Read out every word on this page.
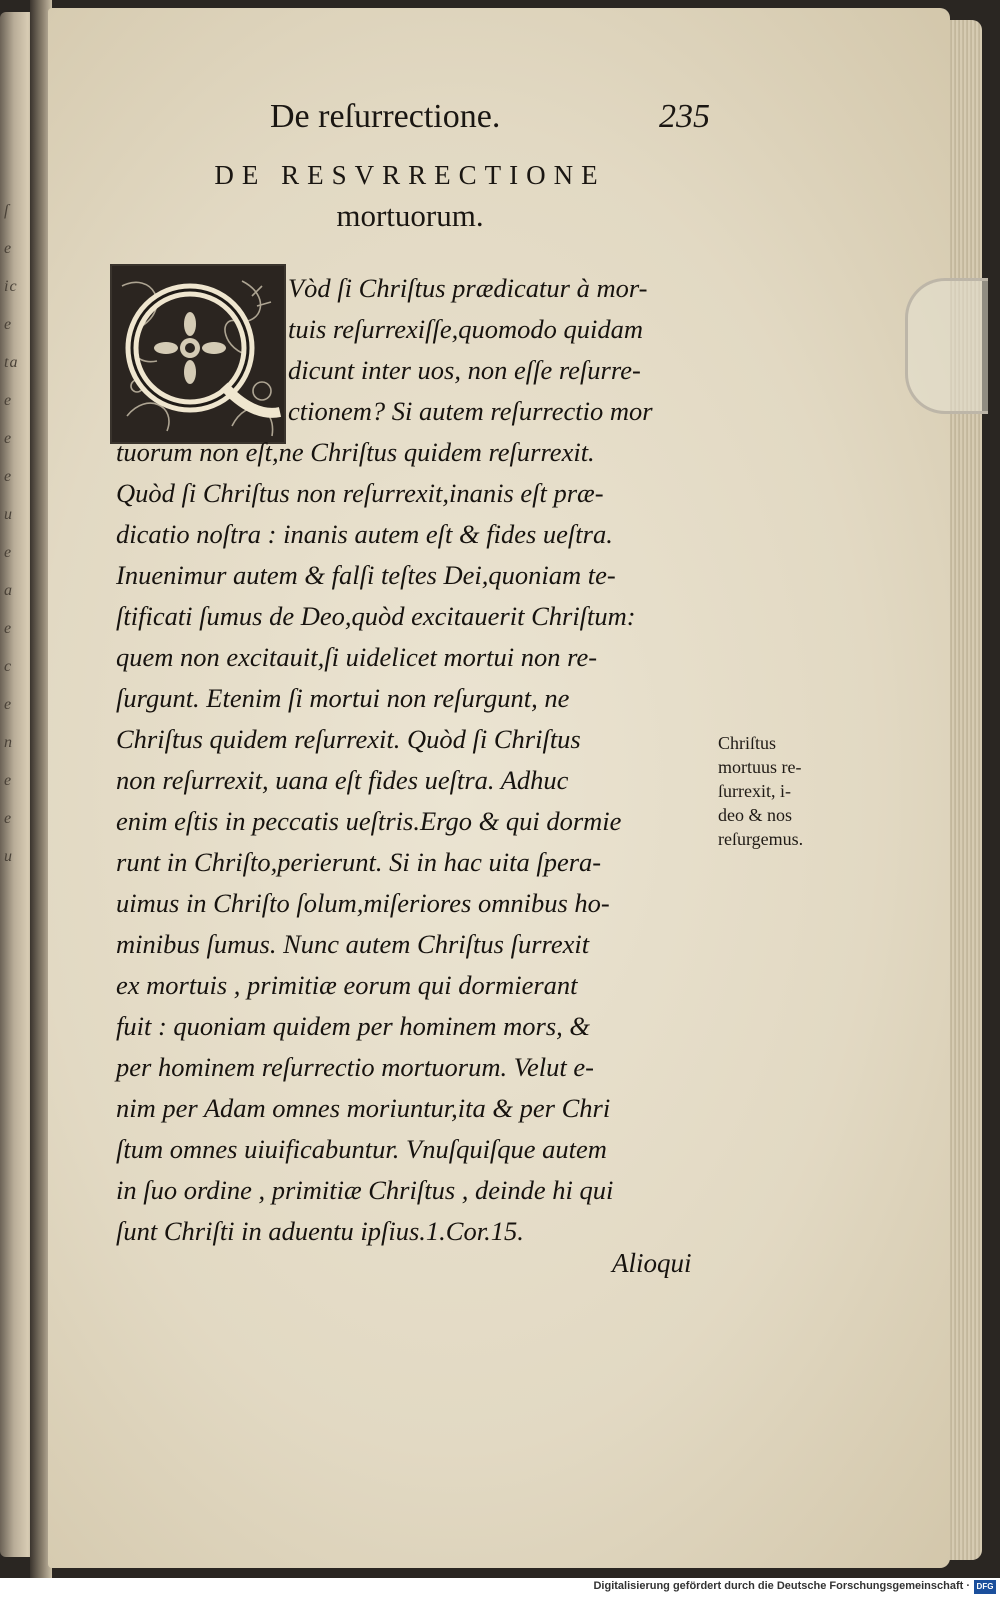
ſ
e
ic
e
ta
e
e
e
u
e
a
e
c
e
n
e
e
u
De reſurrectione.	235
DE RESVRRECTIONE
mortuorum.
Vòd ſi Chriſtus prædicatur à mor-
tuis reſurrexiſſe,quomodo quidam
dicunt inter uos, non eſſe reſurre-
ctionem? Si autem reſurrectio mor
tuorum non eſt,ne Chriſtus quidem reſurrexit.
Quòd ſi Chriſtus non reſurrexit,inanis eſt præ-
dicatio noſtra : inanis autem eſt & fides ueſtra.
Inuenimur autem & falſi teſtes Dei,quoniam te-
ſtificati ſumus de Deo,quòd excitauerit Chriſtum:
quem non excitauit,ſi uidelicet mortui non re-
ſurgunt. Etenim ſi mortui non reſurgunt, ne
Chriſtus quidem reſurrexit. Quòd ſi Chriſtus
non reſurrexit, uana eſt fides ueſtra. Adhuc
enim eſtis in peccatis ueſtris.Ergo & qui dormie
runt in Chriſto,perierunt. Si in hac uita ſpera-
uimus in Chriſto ſolum,miſeriores omnibus ho-
minibus ſumus. Nunc autem Chriſtus ſurrexit
ex mortuis , primitiæ eorum qui dormierant
fuit : quoniam quidem per hominem mors, &
per hominem reſurrectio mortuorum. Velut e-
nim per Adam omnes moriuntur,ita & per Chri
ſtum omnes uiuificabuntur. Vnuſquiſque autem
in ſuo ordine , primitiæ Chriſtus , deinde hi qui
ſunt Chriſti in aduentu ipſius.1.Cor.15.
Alioqui
Chriſtus
mortuus re-
ſurrexit, i-
deo & nos
reſurgemus.
Digitalisierung gefördert durch die Deutsche Forschungsgemeinschaft · DFG
